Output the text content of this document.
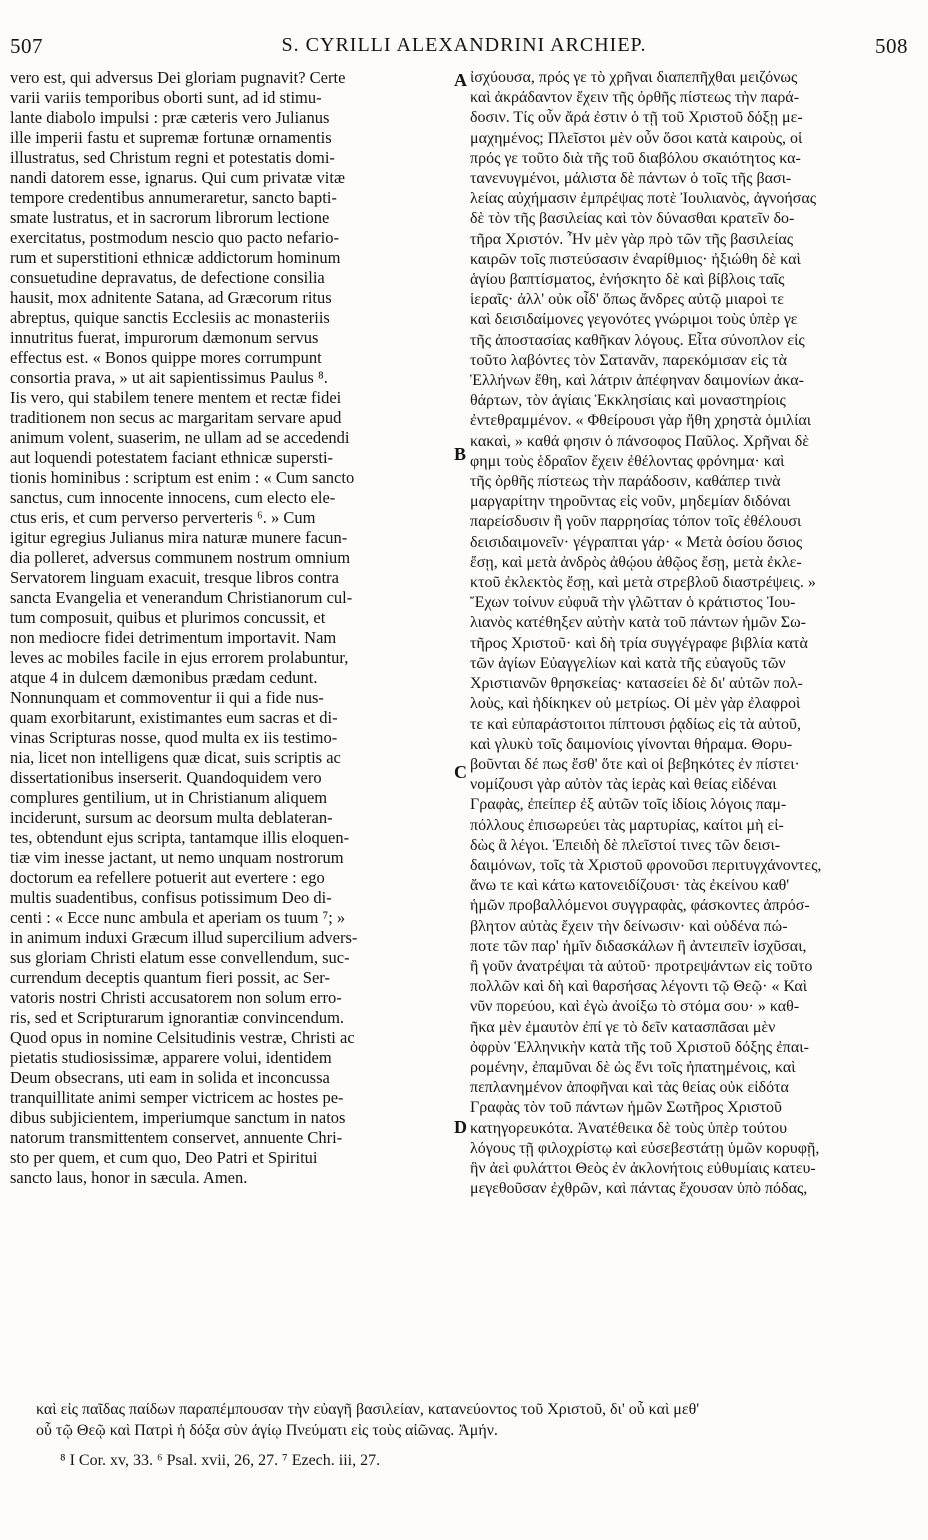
507	S. CYRILLI ALEXANDRINI ARCHIEP.	508
vero est, qui adversus Dei gloriam pugnavit? Certe
varii variis temporibus oborti sunt, ad id stimu-
lante diabolo impulsi : præ cæteris vero Julianus
ille imperii fastu et supremæ fortunæ ornamentis
illustratus, sed Christum regni et potestatis domi-
nandi datorem esse, ignarus. Qui cum privatæ vitæ
tempore credentibus annumeraretur, sancto bapti-
smate lustratus, et in sacrorum librorum lectione
exercitatus, postmodum nescio quo pacto nefario-
rum et superstitioni ethnicæ addictorum hominum
consuetudine depravatus, de defectione consilia
hausit, mox adnitente Satana, ad Græcorum ritus
abreptus, quique sanctis Ecclesiis ac monasteriis
innutritus fuerat, impurorum dæmonum servus
effectus est. « Bonos quippe mores corrumpunt
consortia prava, » ut ait sapientissimus Paulus ⁸.
Iis vero, qui stabilem tenere mentem et rectæ fidei
traditionem non secus ac margaritam servare apud
animum volent, suaserim, ne ullam ad se accedendi
aut loquendi potestatem faciant ethnicæ supersti-
tionis hominibus : scriptum est enim : « Cum sancto
sanctus, cum innocente innocens, cum electo ele-
ctus eris, et cum perverso perverteris ⁶. » Cum
igitur egregius Julianus mira naturæ munere facun-
dia polleret, adversus communem nostrum omnium
Servatorem linguam exacuit, tresque libros contra
sancta Evangelia et venerandum Christianorum cul-
tum composuit, quibus et plurimos concussit, et
non mediocre fidei detrimentum importavit. Nam
leves ac mobiles facile in ejus errorem prolabuntur,
atque 4 in dulcem dæmonibus prædam cedunt.
Nonnunquam et commoventur ii qui a fide nus-
quam exorbitarunt, existimantes eum sacras et di-
vinas Scripturas nosse, quod multa ex iis testimo-
nia, licet non intelligens quæ dicat, suis scriptis ac
dissertationibus inserserit. Quandoquidem vero
complures gentilium, ut in Christianum aliquem
inciderunt, sursum ac deorsum multa deblateran-
tes, obtendunt ejus scripta, tantamque illis eloquen-
tiæ vim inesse jactant, ut nemo unquam nostrorum
doctorum ea refellere potuerit aut evertere : ego
multis suadentibus, confisus potissimum Deo di-
centi : « Ecce nunc ambula et aperiam os tuum ⁷; »
in animum induxi Græcum illud supercilium advers-
sus gloriam Christi elatum esse convellendum, suc-
currendum deceptis quantum fieri possit, ac Ser-
vatoris nostri Christi accusatorem non solum erro-
ris, sed et Scripturarum ignorantiæ convincendum.
Quod opus in nomine Celsitudinis vestræ, Christi ac
pietatis studiosissimæ, apparere volui, identidem
Deum obsecrans, uti eam in solida et inconcussa
tranquillitate animi semper victricem ac hostes pe-
dibus subjicientem, imperiumque sanctum in natos
natorum transmittentem conservet, annuente Chri-
sto per quem, et cum quo, Deo Patri et Spiritui
sancto laus, honor in sæcula. Amen.
ἰσχύουσα, πρός γε τὸ χρῆναι διαπεπῆχθαι μειζόνως
καὶ ἀκράδαντον ἔχειν τῆς ὀρθῆς πίστεως τὴν παρά-
δοσιν. Τίς οὖν ἄρά ἐστιν ὁ τῇ τοῦ Χριστοῦ δόξῃ με-
μαχημένος; Πλεῖστοι μὲν οὖν ὅσοι κατὰ καιροὺς, οἱ
πρός γε τοῦτο διὰ τῆς τοῦ διαβόλου σκαιότητος κα-
τανενυγμένοι, μάλιστα δὲ πάντων ὁ τοῖς τῆς βασι-
λείας αὐχήμασιν ἐμπρέψας ποτὲ Ἰουλιανὸς, ἀγνοήσας
δὲ τὸν τῆς βασιλείας καὶ τὸν δύνασθαι κρατεῖν δο-
τῆρα Χριστόν. Ἦν μὲν γὰρ πρὸ τῶν τῆς βασιλείας
καιρῶν τοῖς πιστεύσασιν ἐναρίθμιος· ἠξιώθη δὲ καὶ
ἁγίου βαπτίσματος, ἐνήσκητο δὲ καὶ βίβλοις ταῖς
ἱεραῖς· ἀλλ' οὐκ οἶδ' ὅπως ἄνδρες αὐτῷ μιαροὶ τε
καὶ δεισιδαίμονες γεγονότες γνώριμοι τοὺς ὑπὲρ γε
τῆς ἀποστασίας καθῆκαν λόγους. Εἶτα σύνοπλον εἰς
τοῦτο λαβόντες τὸν Σατανᾶν, παρεκόμισαν εἰς τὰ
Ἑλλήνων ἔθη, καὶ λάτριν ἀπέφηναν δαιμονίων ἀκα-
θάρτων, τὸν ἁγίαις Ἐκκλησίαις καὶ μοναστηρίοις
ἐντεθραμμένον. « Φθείρουσι γὰρ ἤθη χρηστὰ ὁμιλίαι
κακαὶ, » καθά φησιν ὁ πάνσοφος Παῦλος. Χρῆναι δὲ
φημι τοὺς ἑδραῖον ἔχειν ἐθέλοντας φρόνημα· καὶ
τῆς ὀρθῆς πίστεως τὴν παράδοσιν, καθάπερ τινὰ
μαργαρίτην τηροῦντας εἰς νοῦν, μηδεμίαν διδόναι
παρείσδυσιν ἢ γοῦν παρρησίας τόπον τοῖς ἐθέλουσι
δεισιδαιμονεῖν· γέγραπται γάρ· « Μετὰ ὁσίου ὅσιος
ἔσῃ, καὶ μετὰ ἀνδρὸς ἀθῴου ἀθῷος ἔσῃ, μετὰ ἐκλε-
κτοῦ ἐκλεκτὸς ἔσῃ, καὶ μετὰ στρεβλοῦ διαστρέψεις. »
Ἔχων τοίνυν εὐφυᾶ τὴν γλῶτταν ὁ κράτιστος Ἰου-
λιανὸς κατέθηξεν αὐτὴν κατὰ τοῦ πάντων ἡμῶν Σω-
τῆρος Χριστοῦ· καὶ δὴ τρία συγγέγραφε βιβλία κατὰ
τῶν ἁγίων Εὐαγγελίων καὶ κατὰ τῆς εὐαγοῦς τῶν
Χριστιανῶν θρησκείας· κατασείει δὲ δι' αὐτῶν πολ-
λοὺς, καὶ ἠδίκηκεν οὐ μετρίως. Οἱ μὲν γὰρ ἐλαφροὶ
τε καὶ εὐπαράστοιτοι πίπτουσι ῥᾳδίως εἰς τὰ αὐτοῦ,
καὶ γλυκὺ τοῖς δαιμονίοις γίνονται θήραμα. Θορυ-
βοῦνται δέ πως ἔσθ' ὅτε καὶ οἱ βεβηκότες ἐν πίστει·
νομίζουσι γὰρ αὐτὸν τὰς ἱερὰς καὶ θείας εἰδέναι
Γραφὰς, ἐπείπερ ἐξ αὐτῶν τοῖς ἰδίοις λόγοις παμ-
πόλλους ἐπισωρεύει τὰς μαρτυρίας, καίτοι μὴ εἰ-
δὼς ἃ λέγοι. Ἐπειδὴ δὲ πλεῖστοί τινες τῶν δεισι-
δαιμόνων, τοῖς τὰ Χριστοῦ φρονοῦσι περιτυγχάνοντες,
ἄνω τε καὶ κάτω κατονειδίζουσι· τὰς ἐκείνου καθ'
ἡμῶν προβαλλόμενοι συγγραφὰς, φάσκοντες ἀπρόσ-
βλητον αὐτὰς ἔχειν τὴν δείνωσιν· καὶ οὐδένα πώ-
ποτε τῶν παρ' ἡμῖν διδασκάλων ἢ ἀντειπεῖν ἰσχῦσαι,
ἢ γοῦν ἀνατρέψαι τὰ αὐτοῦ· προτρεψάντων εἰς τοῦτο
πολλῶν καὶ δὴ καὶ θαρσήσας λέγοντι τῷ Θεῷ· « Καὶ
νῦν πορεύου, καὶ ἐγὼ ἀνοίξω τὸ στόμα σου· » καθ-
ῆκα μὲν ἐμαυτὸν ἐπί γε τὸ δεῖν κατασπᾶσαι μὲν
ὀφρὺν Ἑλληνικὴν κατὰ τῆς τοῦ Χριστοῦ δόξης ἐπαι-
ρομένην, ἐπαμῦναι δὲ ὡς ἔνι τοῖς ἠπατημένοις, καὶ
πεπλανημένον ἀποφῆναι καὶ τὰς θείας οὐκ εἰδότα
Γραφὰς τὸν τοῦ πάντων ἡμῶν Σωτῆρος Χριστοῦ
κατηγορευκότα. Ἀνατέθεικα δὲ τοὺς ὑπὲρ τούτου
λόγους τῇ φιλοχρίστῳ καὶ εὐσεβεστάτῃ ὑμῶν κορυφῇ,
ἣν ἀεὶ φυλάττοι Θεὸς ἐν ἀκλονήτοις εὐθυμίαις κατευ-
μεγεθοῦσαν ἐχθρῶν, καὶ πάντας ἔχουσαν ὑπὸ πόδας,
A
B
C
D
καὶ εἰς παῖδας παίδων παραπέμπουσαν τὴν εὐαγῆ βασιλείαν, κατανεύοντος τοῦ Χριστοῦ, δι' οὗ καὶ μεθ'
οὗ τῷ Θεῷ καὶ Πατρὶ ἡ δόξα σὺν ἁγίῳ Πνεύματι εἰς τοὺς αἰῶνας. Ἀμήν.
⁸ I Cor. xv, 33. ⁶ Psal. xvii, 26, 27. ⁷ Ezech. iii, 27.
